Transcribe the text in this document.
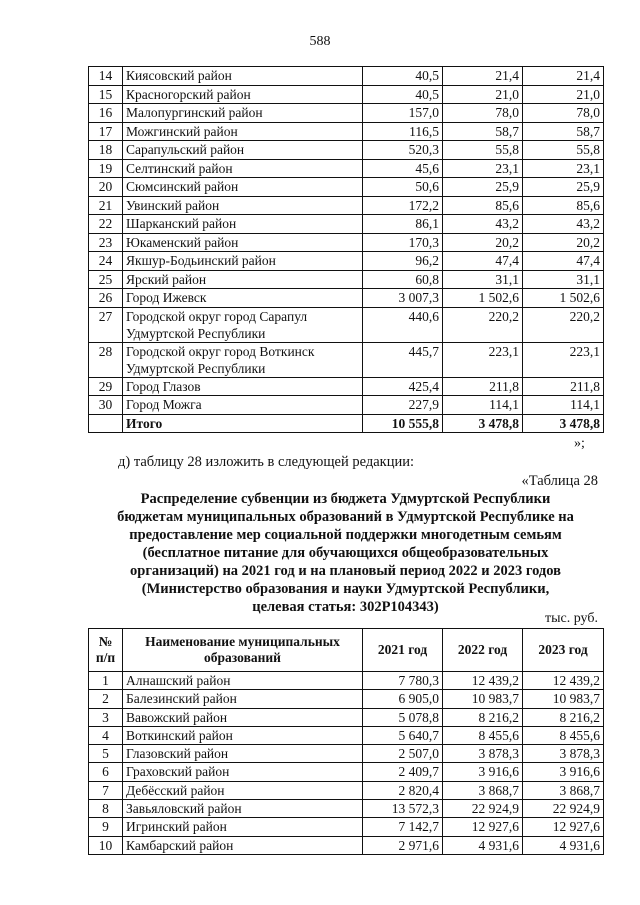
588
14	Киясовский район	40,5	21,4	21,4
15	Красногорский район	40,5	21,0	21,0
16	Малопургинский район	157,0	78,0	78,0
17	Можгинский район	116,5	58,7	58,7
18	Сарапульский район	520,3	55,8	55,8
19	Селтинский район	45,6	23,1	23,1
20	Сюмсинский район	50,6	25,9	25,9
21	Увинский район	172,2	85,6	85,6
22	Шарканский район	86,1	43,2	43,2
23	Юкаменский район	170,3	20,2	20,2
24	Якшур-Бодьинский район	96,2	47,4	47,4
25	Ярский район	60,8	31,1	31,1
26	Город Ижевск	3 007,3	1 502,6	1 502,6
27	Городской округ город Сарапул Удмуртской Республики	440,6	220,2	220,2
28	Городской округ город Воткинск Удмуртской Республики	445,7	223,1	223,1
29	Город Глазов	425,4	211,8	211,8
30	Город Можга	227,9	114,1	114,1
	Итого	10 555,8	3 478,8	3 478,8
»;
д) таблицу 28 изложить в следующей редакции:
«Таблица 28
Распределение субвенции из бюджета Удмуртской Республики
бюджетам муниципальных образований в Удмуртской Республике на
предоставление мер социальной поддержки многодетным семьям
(бесплатное питание для обучающихся общеобразовательных
организаций) на 2021 год и на плановый период 2022 и 2023 годов
(Министерство образования и науки Удмуртской Республики,
целевая статья: 302P104343)
тыс. руб.
№ п/п	Наименование муниципальных образований	2021 год	2022 год	2023 год
1	Алнашский район	7 780,3	12 439,2	12 439,2
2	Балезинский район	6 905,0	10 983,7	10 983,7
3	Вавожский район	5 078,8	8 216,2	8 216,2
4	Воткинский район	5 640,7	8 455,6	8 455,6
5	Глазовский район	2 507,0	3 878,3	3 878,3
6	Граховский район	2 409,7	3 916,6	3 916,6
7	Дебёсский район	2 820,4	3 868,7	3 868,7
8	Завьяловский район	13 572,3	22 924,9	22 924,9
9	Игринский район	7 142,7	12 927,6	12 927,6
10	Камбарский район	2 971,6	4 931,6	4 931,6
